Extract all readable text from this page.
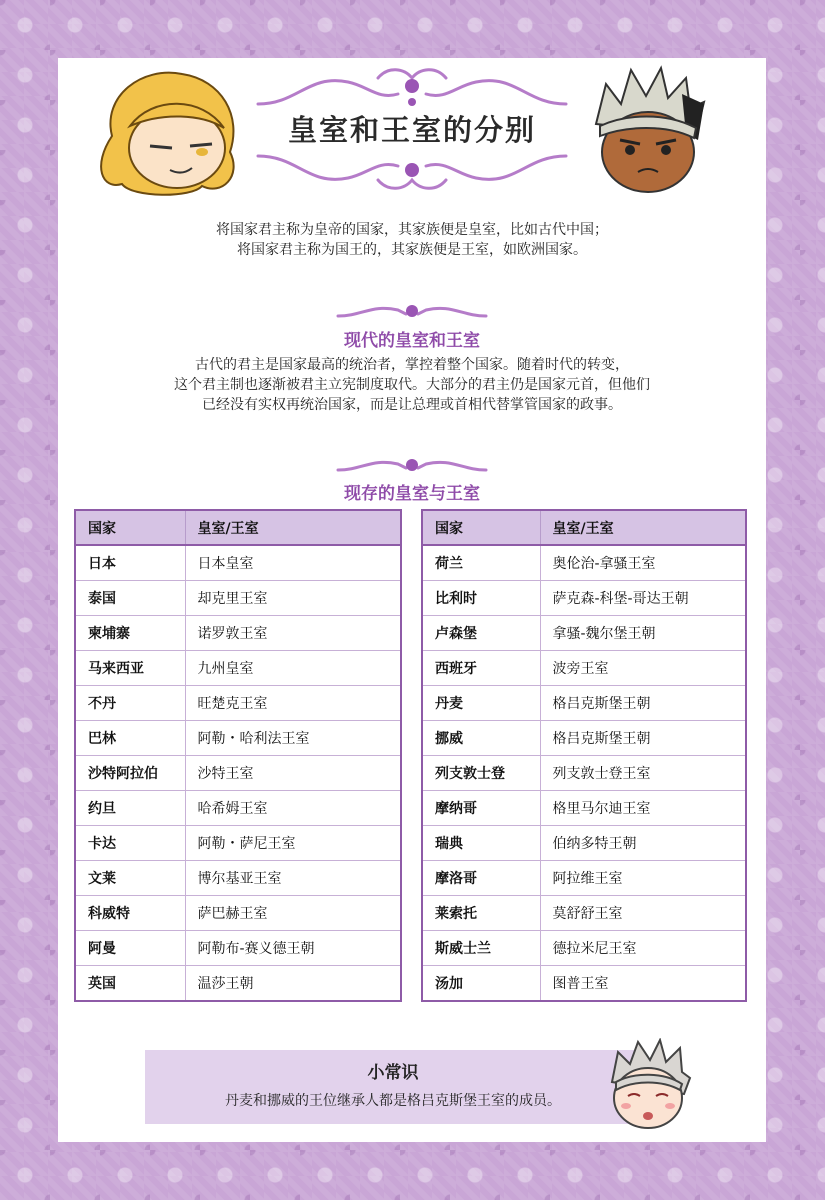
皇室和王室的分别
将国家君主称为皇帝的国家，其家族便是皇室，比如古代中国；
将国家君主称为国王的，其家族便是王室，如欧洲国家。
现代的皇室和王室
古代的君主是国家最高的统治者，掌控着整个国家。随着时代的转变，
这个君主制也逐渐被君主立宪制度取代。大部分的君主仍是国家元首，但他们
已经没有实权再统治国家，而是让总理或首相代替掌管国家的政事。
现存的皇室与王室
国家	皇室/王室
日本	日本皇室
泰国	却克里王室
柬埔寨	诺罗敦王室
马来西亚	九州皇室
不丹	旺楚克王室
巴林	阿勒・哈利法王室
沙特阿拉伯	沙特王室
约旦	哈希姆王室
卡达	阿勒・萨尼王室
文莱	博尔基亚王室
科威特	萨巴赫王室
阿曼	阿勒布-赛义德王朝
英国	温莎王朝
国家	皇室/王室
荷兰	奥伦治-拿骚王室
比利时	萨克森-科堡-哥达王朝
卢森堡	拿骚-魏尔堡王朝
西班牙	波旁王室
丹麦	格吕克斯堡王朝
挪威	格吕克斯堡王朝
列支敦士登	列支敦士登王室
摩纳哥	格里马尔迪王室
瑞典	伯纳多特王朝
摩洛哥	阿拉维王室
莱索托	莫舒舒王室
斯威士兰	德拉米尼王室
汤加	图普王室
小常识
丹麦和挪威的王位继承人都是格吕克斯堡王室的成员。
